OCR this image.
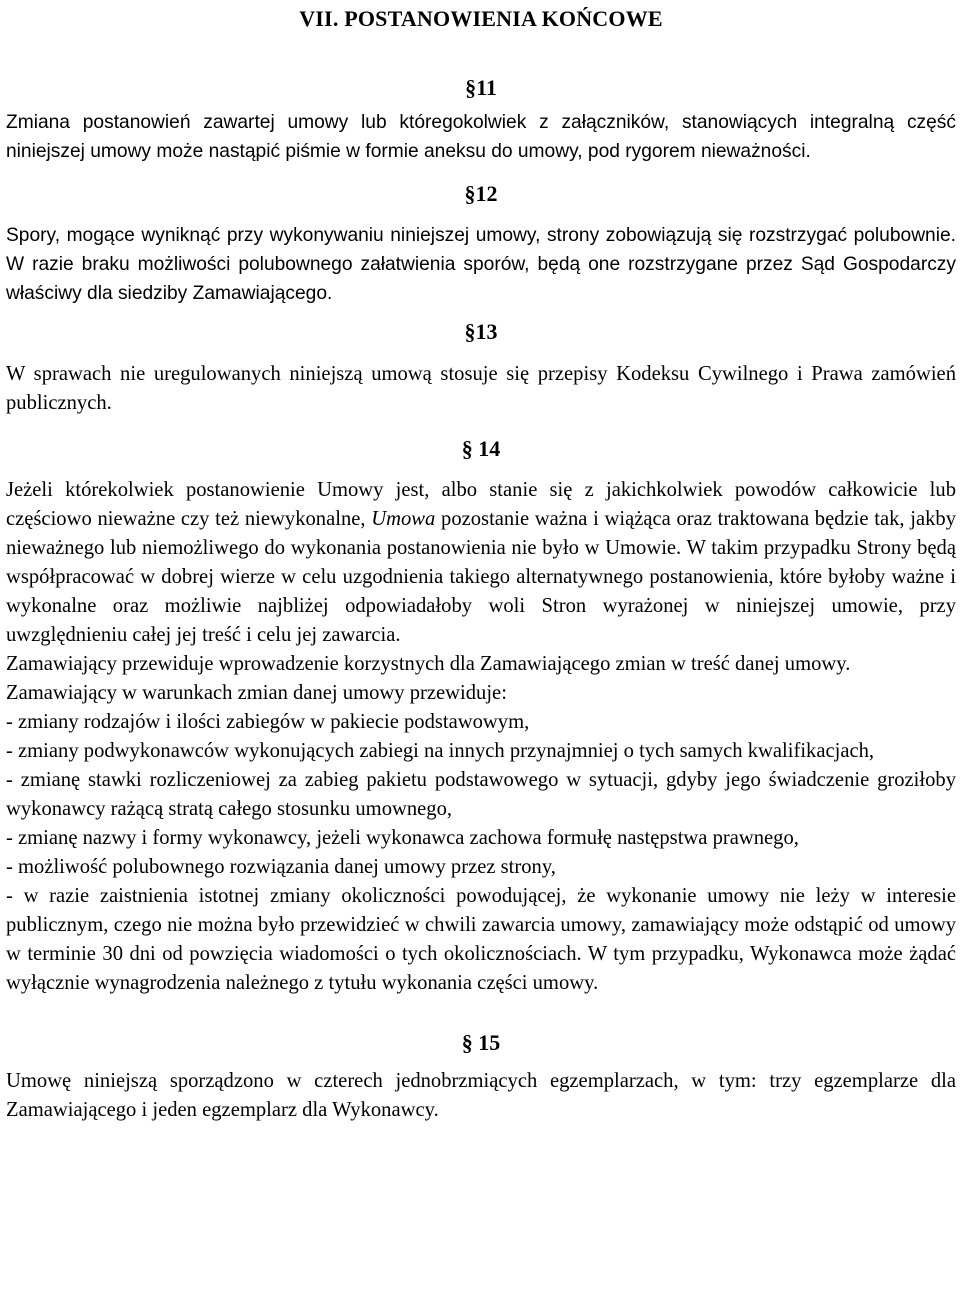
VII. POSTANOWIENIA KOŃCOWE
§11

Zmiana postanowień zawartej umowy lub któregokolwiek z załączników, stanowiących integralną część niniejszej umowy może nastąpić piśmie w formie aneksu do umowy, pod rygorem nieważności.

§12

Spory, mogące wyniknąć przy wykonywaniu niniejszej umowy, strony zobowiązują się rozstrzygać polubownie. W razie braku możliwości polubownego załatwienia sporów, będą one rozstrzygane przez Sąd Gospodarczy właściwy dla siedziby Zamawiającego.

§13

W sprawach nie uregulowanych niniejszą umową stosuje się przepisy Kodeksu Cywilnego i Prawa zamówień publicznych.

§ 14

Jeżeli którekolwiek postanowienie Umowy jest, albo stanie się z jakichkolwiek powodów całkowicie lub częściowo nieważne czy też niewykonalne, Umowa pozostanie ważna i wiążąca oraz traktowana będzie tak, jakby nieważnego lub niemożliwego do wykonania postanowienia nie było w Umowie. W takim przypadku Strony będą współpracować w dobrej wierze w celu uzgodnienia takiego alternatywnego postanowienia, które byłoby ważne i wykonalne oraz możliwie najbliżej odpowiadałoby woli Stron wyrażonej w niniejszej umowie, przy uwzględnieniu całej jej treść i celu jej zawarcia.

Zamawiający przewiduje wprowadzenie korzystnych dla Zamawiającego zmian w treść danej umowy.

Zamawiający w warunkach zmian danej umowy przewiduje:

- zmiany rodzajów i ilości zabiegów w pakiecie podstawowym,

- zmiany podwykonawców wykonujących zabiegi na innych przynajmniej o tych samych kwalifikacjach,

- zmianę stawki rozliczeniowej za zabieg pakietu podstawowego w sytuacji, gdyby jego świadczenie groziłoby wykonawcy rażącą stratą całego stosunku umownego,

- zmianę nazwy i formy wykonawcy, jeżeli wykonawca zachowa formułę następstwa prawnego,

- możliwość polubownego rozwiązania danej umowy przez strony,

- w razie zaistnienia istotnej zmiany okoliczności powodującej, że wykonanie umowy nie leży w interesie publicznym, czego nie można było przewidzieć w chwili zawarcia umowy, zamawiający może odstąpić od umowy w terminie 30 dni od powzięcia wiadomości o tych okolicznościach. W tym przypadku, Wykonawca może żądać wyłącznie wynagrodzenia należnego z tytułu wykonania części umowy.

§ 15

Umowę niniejszą sporządzono w czterech jednobrzmiących egzemplarzach, w tym: trzy egzemplarze dla Zamawiającego i jeden egzemplarz dla Wykonawcy.
